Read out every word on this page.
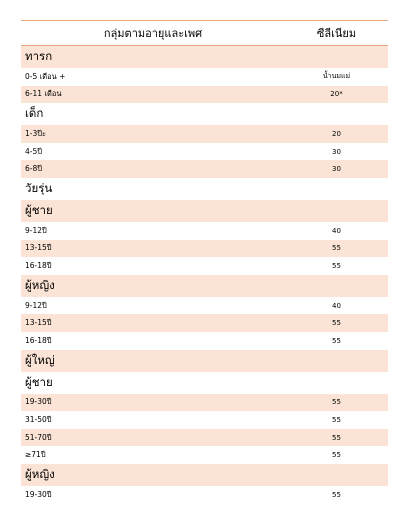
กลุ่มตามอายุและเพศ	ซีลีเนียม
ทารก
0-5 เดือน +	น้ำนมแม่
6-11 เดือน	20*
เด็ก
1-3ปีะ	20
4-5ปี	30
6-8ปี	30
วัยรุ่น
ผู้ชาย
9-12ปี	40
13-15ปี	55
16-18ปี	55
ผู้หญิง
9-12ปี	40
13-15ปี	55
16-18ปี	55
ผู้ใหญ่
ผู้ชาย
19-30ปี	55
31-50ปี	55
51-70ปี	55
≥71ปี	55
ผู้หญิง
19-30ปี	55
